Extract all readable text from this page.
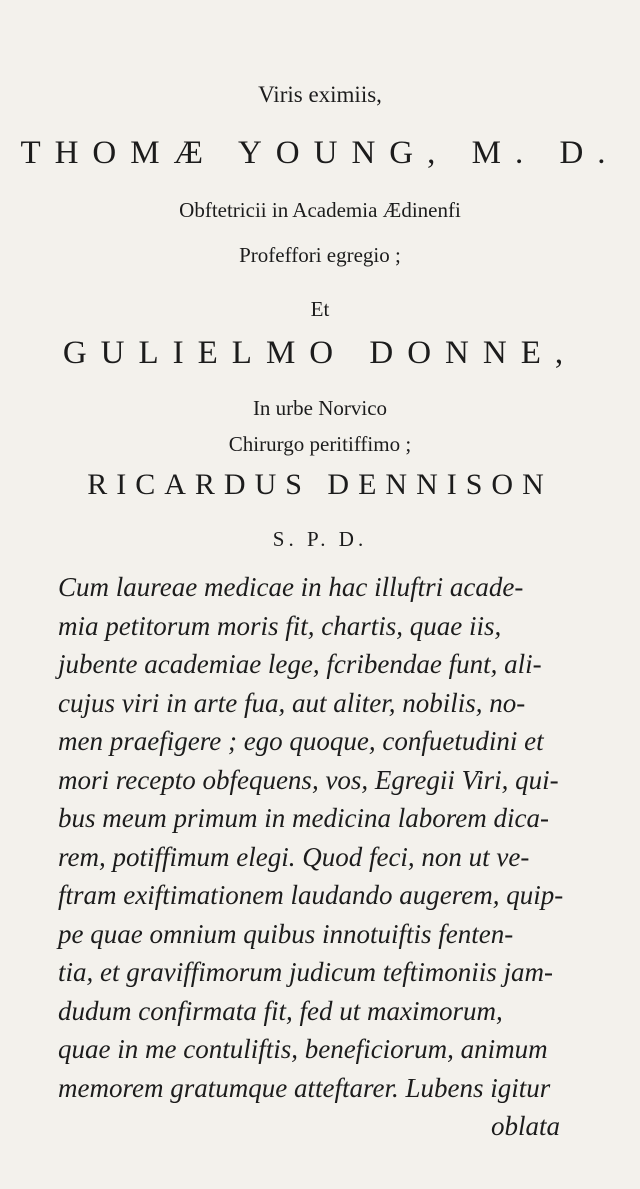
Viris eximiis,
THOMÆ YOUNG, M. D.
Obftetricii in Academia Ædinenfi
Profeffori egregio ;
Et
GULIELMO DONNE,
In urbe Norvico
Chirurgo peritiffimo ;
RICARDUS DENNISON
S. P. D.

Cum laureae medicae in hac illuftri acade-

mia petitorum moris fit, chartis, quae iis,

jubente academiae lege, fcribendae funt, ali-

cujus viri in arte fua, aut aliter, nobilis, no-

men praefigere ; ego quoque, confuetudini et

mori recepto obfequens, vos, Egregii Viri, qui-

bus meum primum in medicina laborem dica-

rem, potiffimum elegi. Quod feci, non ut ve-

ftram exiftimationem laudando augerem, quip-

pe quae omnium quibus innotuiftis fenten-

tia, et graviffimorum judicum teftimoniis jam-

dudum confirmata fit, fed ut maximorum,

quae in me contuliftis, beneficiorum, animum

memorem gratumque atteftarer. Lubens igitur

oblata
